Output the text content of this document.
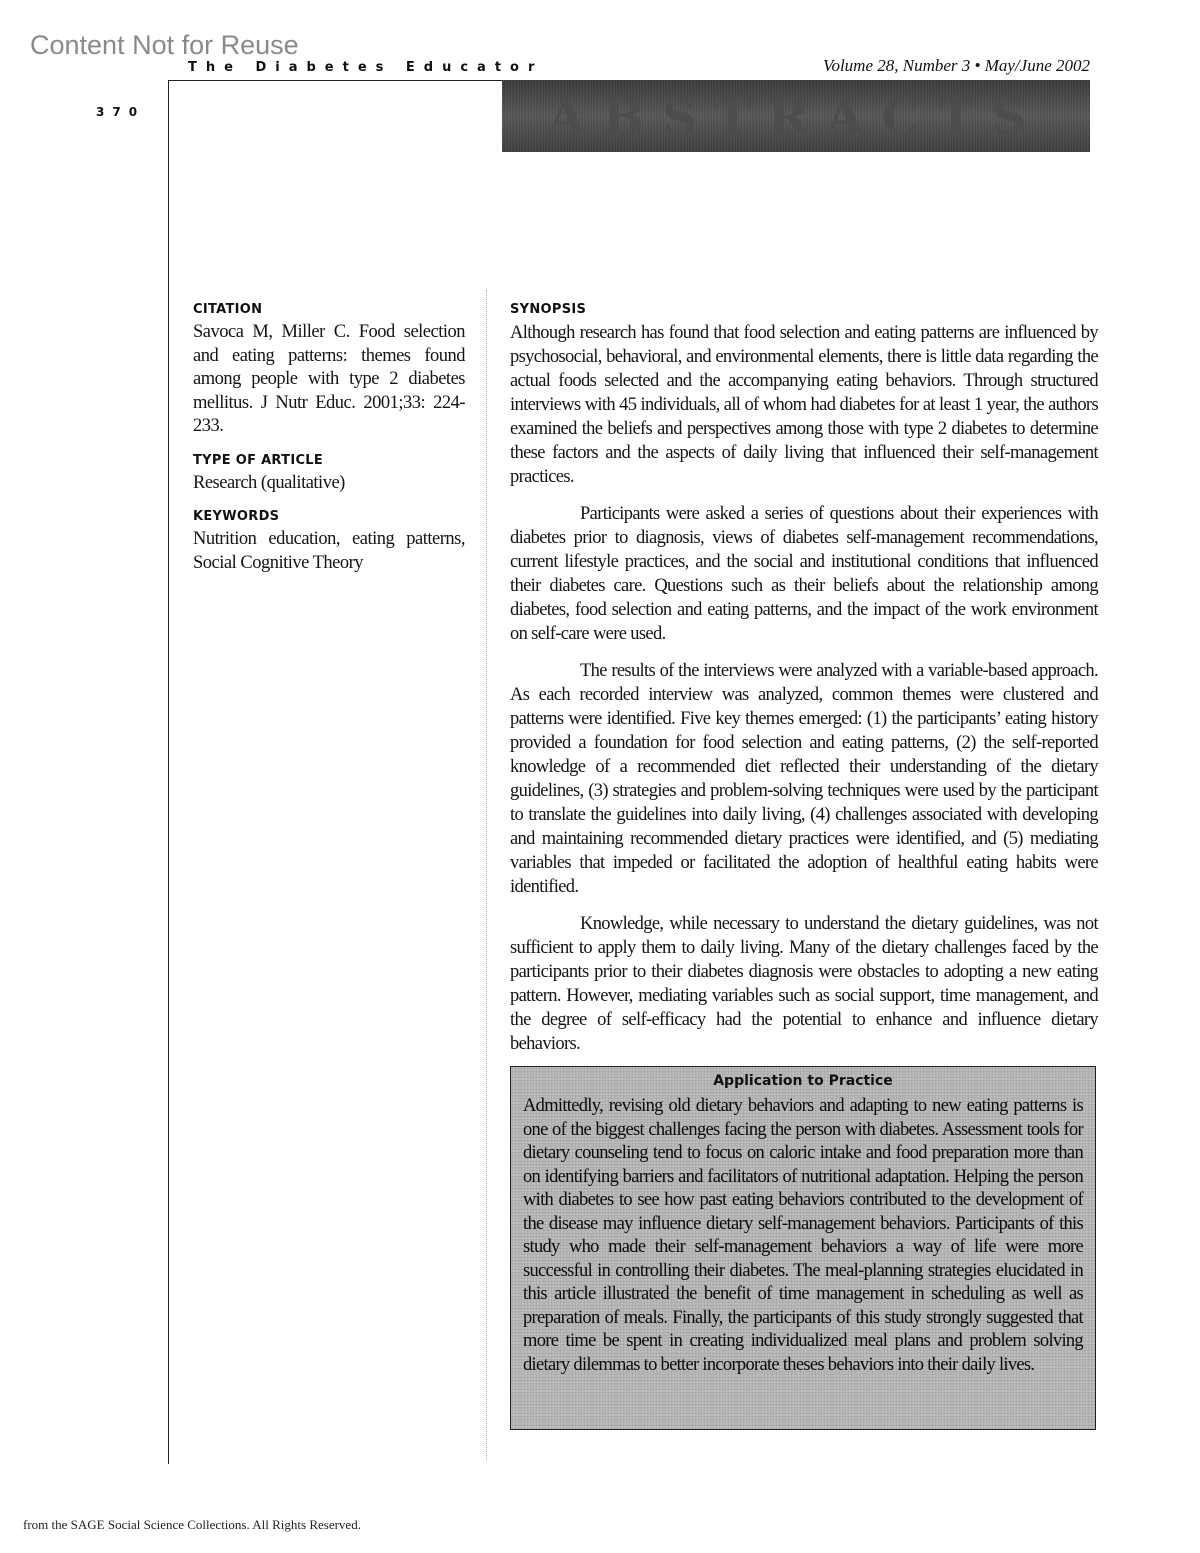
Content Not for Reuse
The Diabetes Educator	Volume 28, Number 3 • May/June 2002
370	ABSTRACTS
CITATION
Savoca M, Miller C. Food selection and eating patterns: themes found among people with type 2 diabetes mellitus. J Nutr Educ. 2001;33: 224-233.
TYPE OF ARTICLE
Research (qualitative)
KEYWORDS
Nutrition education, eating patterns, Social Cognitive Theory
SYNOPSIS

Although research has found that food selection and eating patterns are influenced by psychosocial, behavioral, and environmental elements, there is little data regarding the actual foods selected and the accompanying eating behaviors. Through structured interviews with 45 individuals, all of whom had diabetes for at least 1 year, the authors examined the beliefs and perspectives among those with type 2 diabetes to determine these factors and the aspects of daily living that influenced their self-management practices.

Participants were asked a series of questions about their experiences with diabetes prior to diagnosis, views of diabetes self-management recommendations, current lifestyle practices, and the social and institutional conditions that influenced their diabetes care. Questions such as their beliefs about the relationship among diabetes, food selection and eating patterns, and the impact of the work environment on self-care were used.

The results of the interviews were analyzed with a variable-based approach. As each recorded interview was analyzed, common themes were clustered and patterns were identified. Five key themes emerged: (1) the participants’ eating history provided a foundation for food selection and eating patterns, (2) the self-reported knowledge of a recommended diet reflected their understanding of the dietary guidelines, (3) strategies and problem-solving techniques were used by the participant to translate the guidelines into daily living, (4) challenges associated with developing and maintaining recommended dietary practices were identified, and (5) mediating variables that impeded or facilitated the adoption of healthful eating habits were identified.

Knowledge, while necessary to understand the dietary guidelines, was not sufficient to apply them to daily living. Many of the dietary challenges faced by the participants prior to their diabetes diagnosis were obstacles to adopting a new eating pattern. However, mediating variables such as social support, time management, and the degree of self-efficacy had the potential to enhance and influence dietary behaviors.

Application to Practice
Admittedly, revising old dietary behaviors and adapting to new eating patterns is one of the biggest challenges facing the person with diabetes. Assessment tools for dietary counseling tend to focus on caloric intake and food preparation more than on identifying barriers and facilitators of nutritional adaptation. Helping the person with diabetes to see how past eating behaviors contributed to the development of the disease may influence dietary self-management behaviors. Participants of this study who made their self-management behaviors a way of life were more successful in controlling their diabetes. The meal-planning strategies elucidated in this article illustrated the benefit of time management in scheduling as well as preparation of meals. Finally, the participants of this study strongly suggested that more time be spent in creating individualized meal plans and problem solving dietary dilemmas to better incorporate theses behaviors into their daily lives.
from the SAGE Social Science Collections. All Rights Reserved.
